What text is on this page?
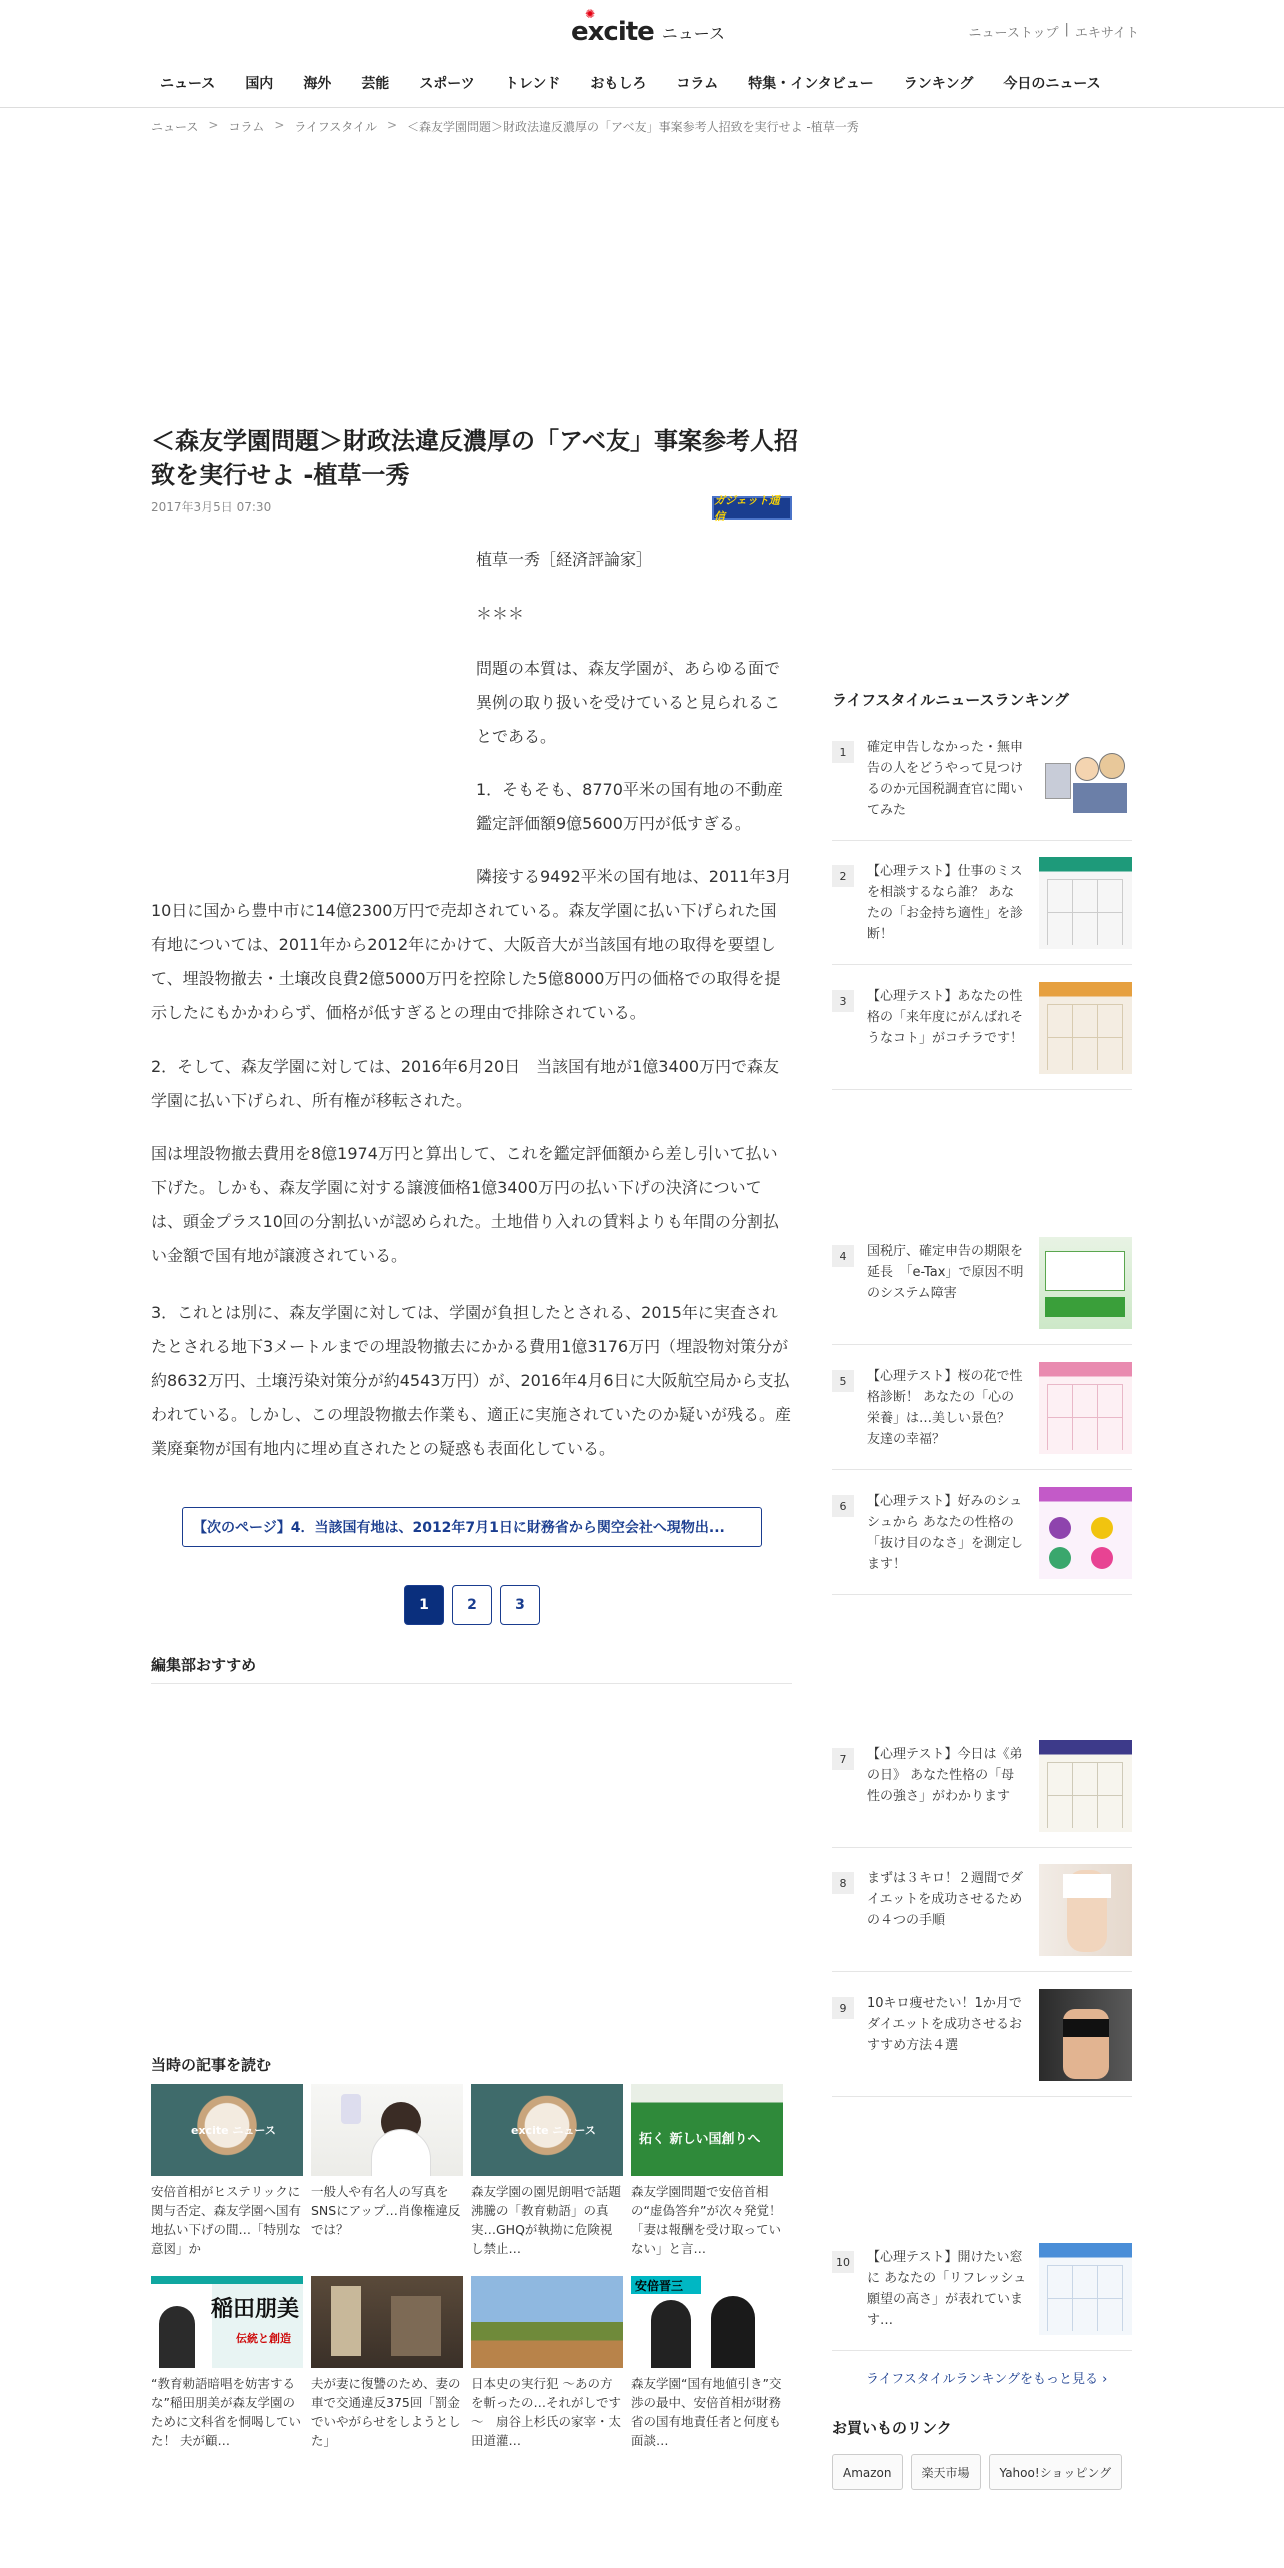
✺
excite ニュース	ニューストップ | エキサイト
ニュース	国内	海外	芸能	スポーツ	トレンド	おもしろ	コラム	特集・インタビュー	ランキング	今日のニュース
ニュース > コラム > ライフスタイル > ＜森友学園問題＞財政法違反濃厚の「アベ友」事案参考人招致を実行せよ -植草一秀
＜森友学園問題＞財政法違反濃厚の「アベ友」事案参考人招致を実行せよ -植草一秀
2017年3月5日 07:30	ガジェット通信

植草一秀［経済評論家］

＊＊＊

問題の本質は、森友学園が、あらゆる面で異例の取り扱いを受けていると見られることである。

1．そもそも、8770平米の国有地の不動産鑑定評価額9億5600万円が低すぎる。

隣接する9492平米の国有地は、2011年3月10日に国から豊中市に14億2300万円で売却されている。森友学園に払い下げられた国有地については、2011年から2012年にかけて、大阪音大が当該国有地の取得を要望して、埋設物撤去・土壌改良費2億5000万円を控除した5億8000万円の価格での取得を提示したにもかかわらず、価格が低すぎるとの理由で排除されている。

2．そして、森友学園に対しては、2016年6月20日　当該国有地が1億3400万円で森友学園に払い下げられ、所有権が移転された。

国は埋設物撤去費用を8億1974万円と算出して、これを鑑定評価額から差し引いて払い下げた。しかも、森友学園に対する譲渡価格1億3400万円の払い下げの決済については、頭金プラス10回の分割払いが認められた。土地借り入れの賃料よりも年間の分割払い金額で国有地が譲渡されている。

3．これとは別に、森友学園に対しては、学園が負担したとされる、2015年に実査されたとされる地下3メートルまでの埋設物撤去にかかる費用1億3176万円（埋設物対策分が約8632万円、土壌汚染対策分が約4543万円）が、2016年4月6日に大阪航空局から支払われている。しかし、この埋設物撤去作業も、適正に実施されていたのか疑いが残る。産業廃棄物が国有地内に埋め直されたとの疑惑も表面化している。

【次のページ】4．当該国有地は、2012年7月1日に財務省から関空会社へ現物出...
1	2	3
編集部おすすめ
当時の記事を読む
excite ニュース
安倍首相がヒステリックに関与否定、森友学園へ国有地払い下げの間…「特別な意図」か
一般人や有名人の写真をSNSにアップ…肖像権違反では？
excite ニュース
森友学園の園児朗唱で話題沸騰の「教育勅語」の真実…GHQが執拗に危険視し禁止…
拓く 新しい国創りへ
森友学園問題で安倍首相の“虚偽答弁”が次々発覚！「妻は報酬を受け取っていない」と言…
稲田朋美
伝統と創造
“教育勅語暗唱を妨害するな”稲田朋美が森友学園のために文科省を恫喝していた！ 夫が顧…
夫が妻に復讐のため、妻の車で交通違反375回「罰金でいやがらせをしようとした」
日本史の実行犯 ～あの方を斬ったの…それがしです～　扇谷上杉氏の家宰・太田道灌…
安倍晋三
森友学園“国有地値引き”交渉の最中、安倍首相が財務省の国有地責任者と何度も面談…
ライフスタイルニュースランキング
1	確定申告しなかった・無申告の人をどうやって見つけるのか元国税調査官に聞いてみた
2	【心理テスト】仕事のミスを相談するなら誰？ あなたの「お金持ち適性」を診断！
3	【心理テスト】あなたの性格の「来年度にがんばれそうなコト」がコチラです！
4	国税庁、確定申告の期限を延長　「e-Tax」で原因不明のシステム障害
5	【心理テスト】桜の花で性格診断！ あなたの「心の栄養」は…美しい景色？ 友達の幸福？
6	【心理テスト】好みのシュシュから あなたの性格の「抜け目のなさ」を測定します！
7	【心理テスト】今日は《弟の日》 あなた性格の「母性の強さ」がわかります
8	まずは３キロ！２週間でダイエットを成功させるための４つの手順
9	10キロ痩せたい！1か月でダイエットを成功させるおすすめ方法４選
10	【心理テスト】開けたい窓に あなたの「リフレッシュ願望の高さ」が表れています…
ライフスタイルランキングをもっと見る ›
お買いものリンク
Amazon	楽天市場	Yahoo!ショッピング
